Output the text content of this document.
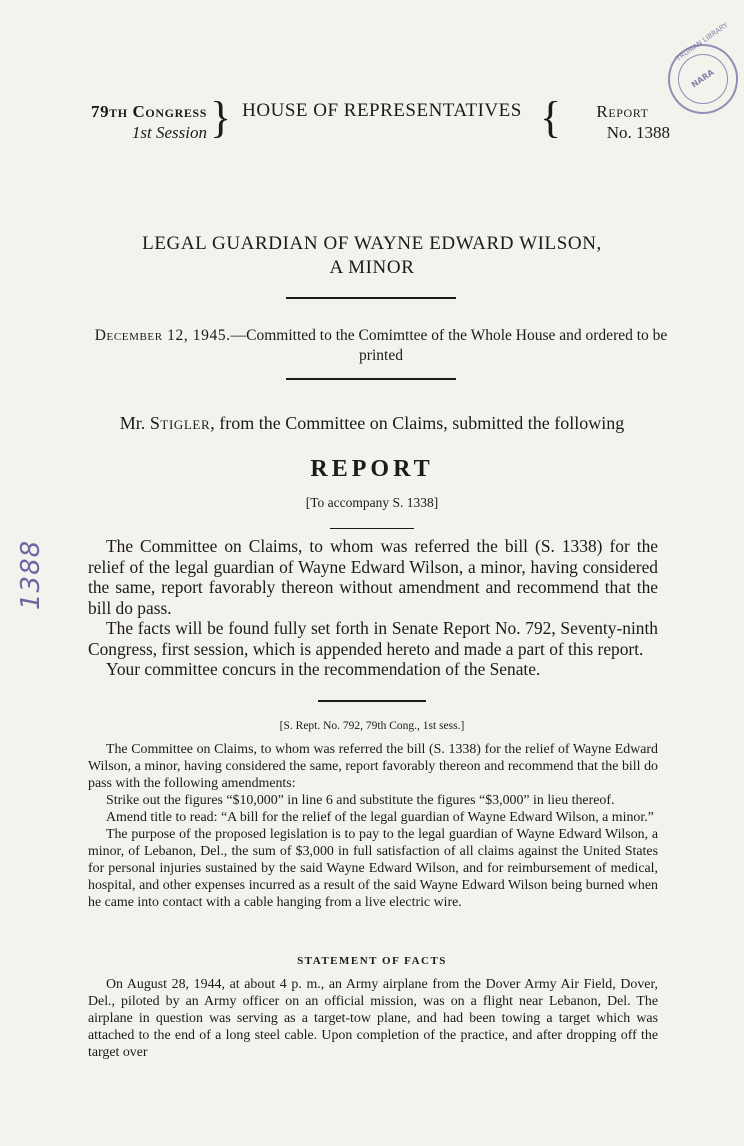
NARA
TRUMAN LIBRARY
1388
79th Congress
1st Session } HOUSE OF REPRESENTATIVES {	Report
No. 1388
LEGAL GUARDIAN OF WAYNE EDWARD WILSON,
A MINOR
December 12, 1945.—Committed to the Comimttee of the Whole House and ordered to be printed
Mr. Stigler, from the Committee on Claims, submitted the following
REPORT
[To accompany S. 1338]

The Committee on Claims, to whom was referred the bill (S. 1338) for the relief of the legal guardian of Wayne Edward Wilson, a minor, having considered the same, report favorably thereon without amendment and recommend that the bill do pass.

The facts will be found fully set forth in Senate Report No. 792, Seventy-ninth Congress, first session, which is appended hereto and made a part of this report.

Your committee concurs in the recommendation of the Senate.

[S. Rept. No. 792, 79th Cong., 1st sess.]

The Committee on Claims, to whom was referred the bill (S. 1338) for the relief of Wayne Edward Wilson, a minor, having considered the same, report favorably thereon and recommend that the bill do pass with the following amendments:

Strike out the figures “$10,000” in line 6 and substitute the figures “$3,000” in lieu thereof.

Amend title to read: “A bill for the relief of the legal guardian of Wayne Edward Wilson, a minor.”

The purpose of the proposed legislation is to pay to the legal guardian of Wayne Edward Wilson, a minor, of Lebanon, Del., the sum of $3,000 in full satisfaction of all claims against the United States for personal injuries sustained by the said Wayne Edward Wilson, and for reimbursement of medical, hospital, and other expenses incurred as a result of the said Wayne Edward Wilson being burned when he came into contact with a cable hanging from a live electric wire.

STATEMENT OF FACTS

On August 28, 1944, at about 4 p. m., an Army airplane from the Dover Army Air Field, Dover, Del., piloted by an Army officer on an official mission, was on a flight near Lebanon, Del. The airplane in question was serving as a target-tow plane, and had been towing a target which was attached to the end of a long steel cable. Upon completion of the practice, and after dropping off the target over
